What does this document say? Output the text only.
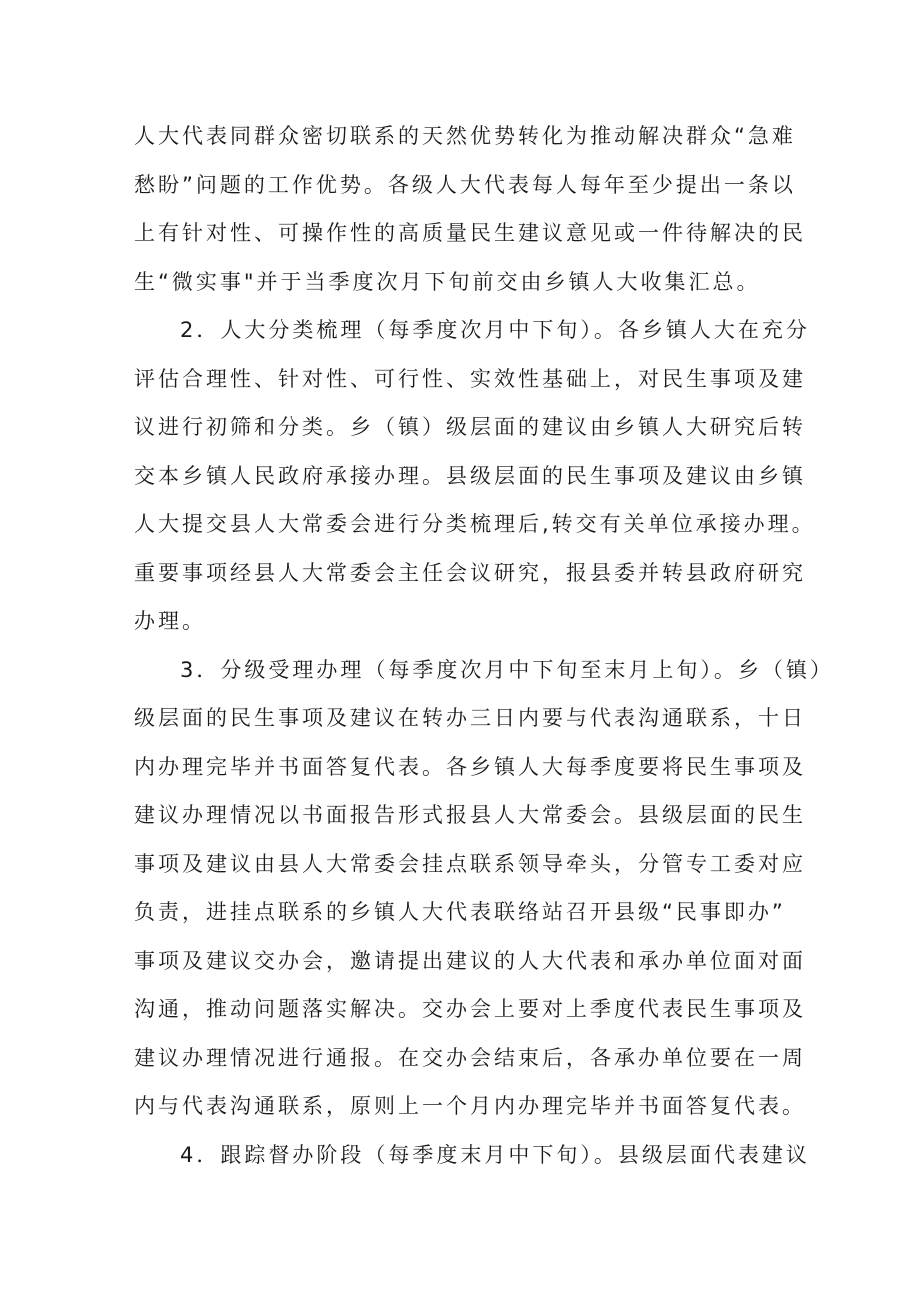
人大代表同群众密切联系的天然优势转化为推动解决群众“急难
愁盼”问题的工作优势。各级人大代表每人每年至少提出一条以
上有针对性、可操作性的高质量民生建议意见或一件待解决的民
生“微实事"并于当季度次月下旬前交由乡镇人大收集汇总。
2．人大分类梳理（每季度次月中下旬）。各乡镇人大在充分
评估合理性、针对性、可行性、实效性基础上，对民生事项及建
议进行初筛和分类。乡（镇）级层面的建议由乡镇人大研究后转
交本乡镇人民政府承接办理。县级层面的民生事项及建议由乡镇
人大提交县人大常委会进行分类梳理后,转交有关单位承接办理。
重要事项经县人大常委会主任会议研究，报县委并转县政府研究
办理。
3．分级受理办理（每季度次月中下旬至末月上旬）。乡（镇）
级层面的民生事项及建议在转办三日内要与代表沟通联系，十日
内办理完毕并书面答复代表。各乡镇人大每季度要将民生事项及
建议办理情况以书面报告形式报县人大常委会。县级层面的民生
事项及建议由县人大常委会挂点联系领导牵头，分管专工委对应
负责，进挂点联系的乡镇人大代表联络站召开县级“民事即办”
事项及建议交办会，邀请提出建议的人大代表和承办单位面对面
沟通，推动问题落实解决。交办会上要对上季度代表民生事项及
建议办理情况进行通报。在交办会结束后，各承办单位要在一周
内与代表沟通联系，原则上一个月内办理完毕并书面答复代表。
4．跟踪督办阶段（每季度末月中下旬）。县级层面代表建议
